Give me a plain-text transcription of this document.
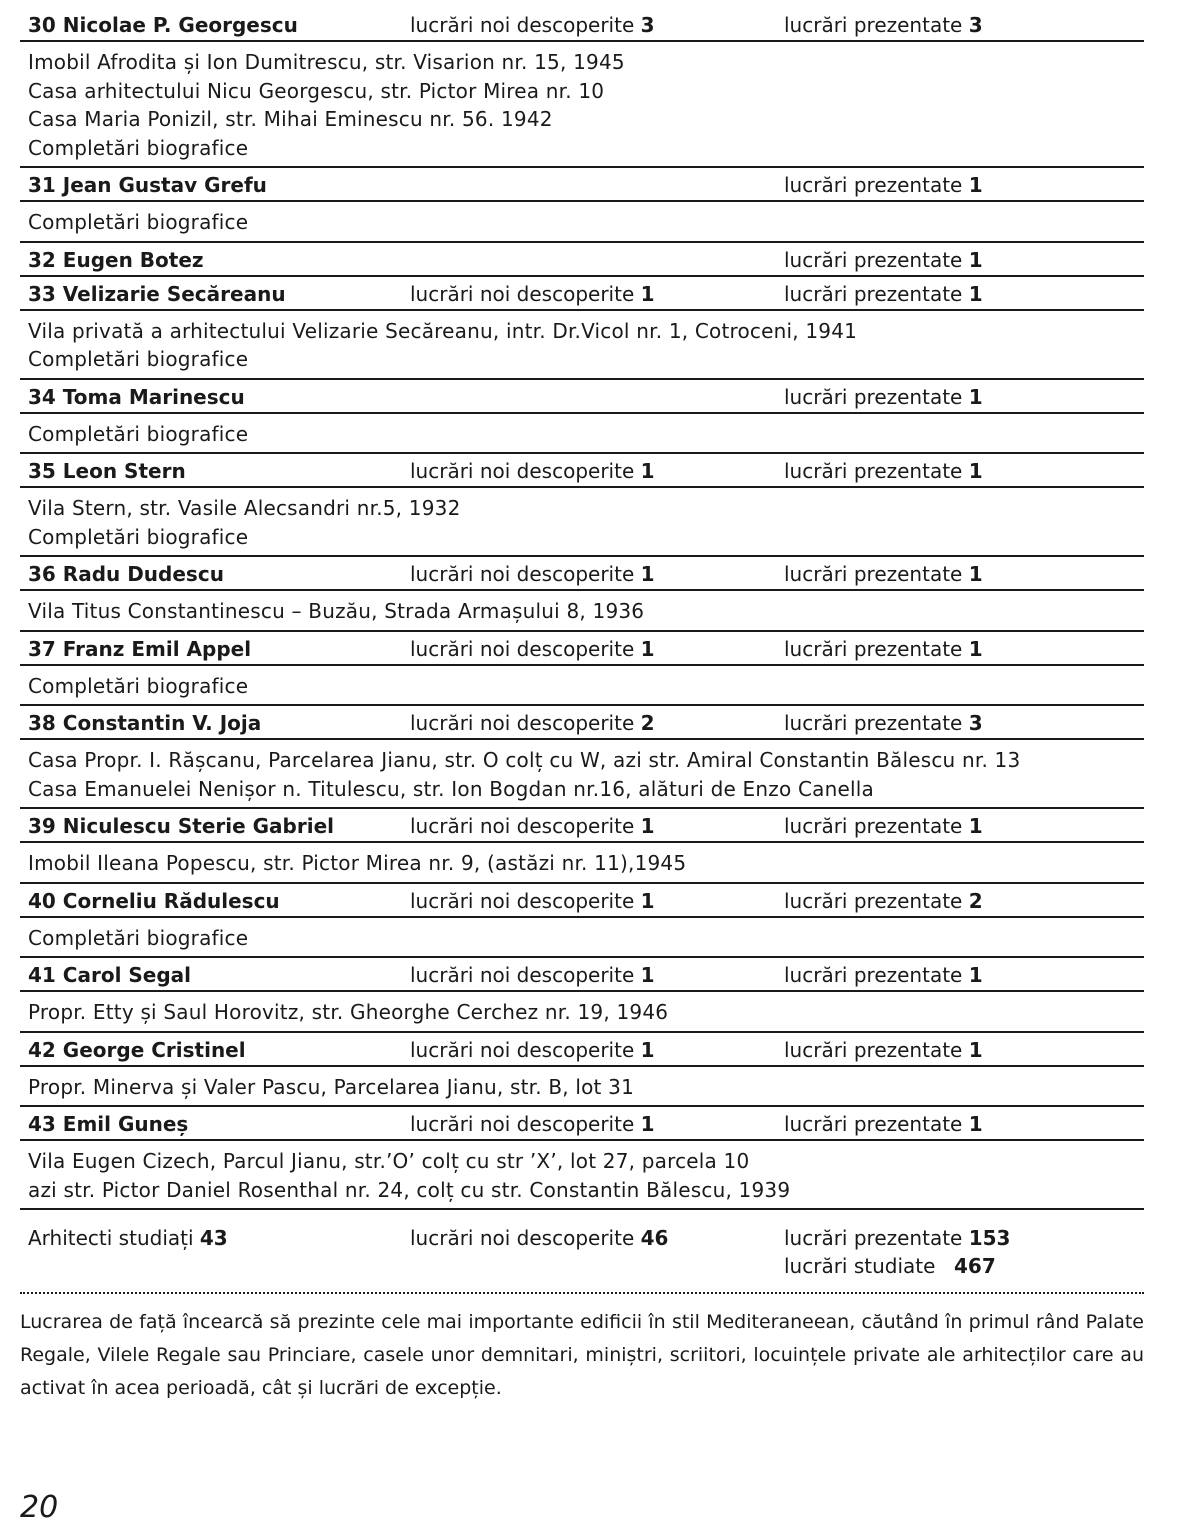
30 Nicolae P. Georgescu	lucrări noi descoperite 3	lucrări prezentate 3
Imobil Afrodita și Ion Dumitrescu, str. Visarion nr. 15, 1945
Casa arhitectului Nicu Georgescu, str. Pictor Mirea nr. 10
Casa Maria Ponizil, str. Mihai Eminescu nr. 56. 1942
Completări biografice
31 Jean Gustav Grefu	lucrări prezentate 1
Completări biografice
32 Eugen Botez	lucrări prezentate 1
33 Velizarie Secăreanu	lucrări noi descoperite 1	lucrări prezentate 1
Vila privată a arhitectului Velizarie Secăreanu, intr. Dr.Vicol nr. 1, Cotroceni, 1941
Completări biografice
34 Toma Marinescu	lucrări prezentate 1
Completări biografice
35 Leon Stern	lucrări noi descoperite 1	lucrări prezentate 1
Vila Stern, str. Vasile Alecsandri nr.5, 1932
Completări biografice
36 Radu Dudescu	lucrări noi descoperite 1	lucrări prezentate 1
Vila Titus Constantinescu – Buzău, Strada Armașului 8, 1936
37 Franz Emil Appel	lucrări noi descoperite 1	lucrări prezentate 1
Completări biografice
38 Constantin V. Joja	lucrări noi descoperite 2	lucrări prezentate 3
Casa Propr. I. Rășcanu, Parcelarea Jianu, str. O colț cu W, azi str. Amiral Constantin Bălescu nr. 13
Casa Emanuelei Nenișor n. Titulescu, str. Ion Bogdan nr.16, alături de Enzo Canella
39 Niculescu Sterie Gabriel	lucrări noi descoperite 1	lucrări prezentate 1
Imobil Ileana Popescu, str. Pictor Mirea nr. 9, (astăzi nr. 11),1945
40 Corneliu Rădulescu	lucrări noi descoperite 1	lucrări prezentate 2
Completări biografice
41 Carol Segal	lucrări noi descoperite 1	lucrări prezentate 1
Propr. Etty și Saul Horovitz, str. Gheorghe Cerchez nr. 19, 1946
42 George Cristinel	lucrări noi descoperite 1	lucrări prezentate 1
Propr. Minerva și Valer Pascu, Parcelarea Jianu, str. B, lot 31
43 Emil Guneș	lucrări noi descoperite 1	lucrări prezentate 1
Vila Eugen Cizech, Parcul Jianu, str.’O’ colț cu str ’X’, lot 27, parcela 10
azi str. Pictor Daniel Rosenthal nr. 24, colț cu str. Constantin Bălescu, 1939
Arhitecti studiați 43	lucrări noi descoperite 46	lucrări prezentate 153
lucrări studiate 467
Lucrarea de față încearcă să prezinte cele mai importante edificii în stil Mediteraneean, căutând în primul rând Palate Regale, Vilele Regale sau Princiare, casele unor demnitari, miniștri, scriitori, locuințele private ale arhitecților care au activat în acea perioadă, cât și lucrări de excepție.
20
